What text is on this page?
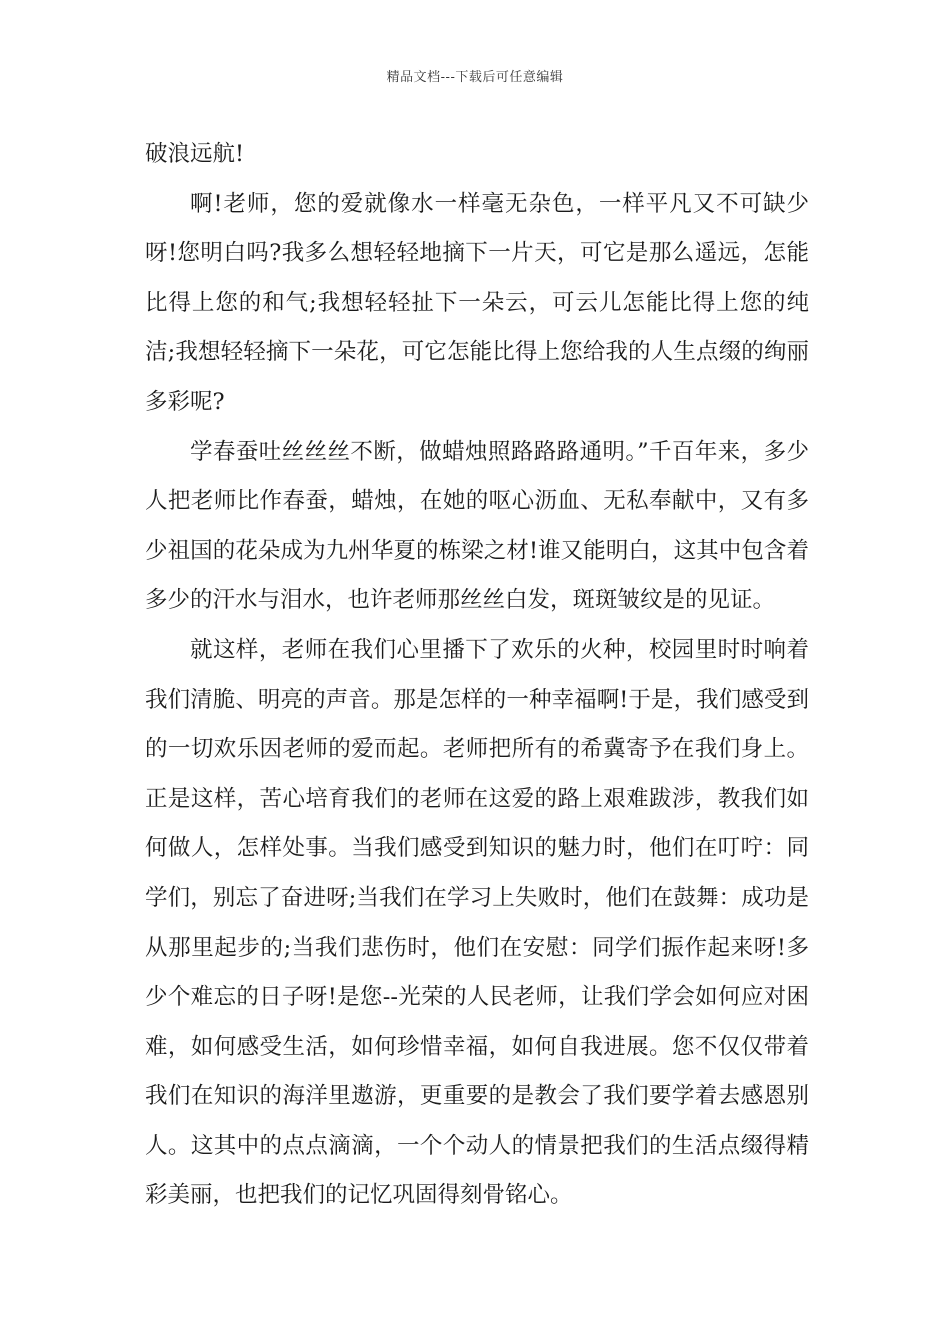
精品文档---下载后可任意编辑

破浪远航!

啊!老师，您的爱就像水一样毫无杂色，一样平凡又不可缺少呀!您明白吗?我多么想轻轻地摘下一片天，可它是那么遥远，怎能比得上您的和气;我想轻轻扯下一朵云，可云儿怎能比得上您的纯洁;我想轻轻摘下一朵花，可它怎能比得上您给我的人生点缀的绚丽多彩呢?

学春蚕吐丝丝丝不断，做蜡烛照路路路通明。”千百年来，多少人把老师比作春蚕，蜡烛，在她的呕心沥血、无私奉献中，又有多少祖国的花朵成为九州华夏的栋梁之材!谁又能明白，这其中包含着多少的汗水与泪水，也许老师那丝丝白发，斑斑皱纹是的见证。

就这样，老师在我们心里播下了欢乐的火种，校园里时时响着我们清脆、明亮的声音。那是怎样的一种幸福啊!于是，我们感受到的一切欢乐因老师的爱而起。老师把所有的希冀寄予在我们身上。正是这样，苦心培育我们的老师在这爱的路上艰难跋涉，教我们如何做人，怎样处事。当我们感受到知识的魅力时，他们在叮咛：同学们，别忘了奋进呀;当我们在学习上失败时，他们在鼓舞：成功是从那里起步的;当我们悲伤时，他们在安慰：同学们振作起来呀!多少个难忘的日子呀!是您--光荣的人民老师，让我们学会如何应对困难，如何感受生活，如何珍惜幸福，如何自我进展。您不仅仅带着我们在知识的海洋里遨游，更重要的是教会了我们要学着去感恩别人。这其中的点点滴滴，一个个动人的情景把我们的生活点缀得精彩美丽，也把我们的记忆巩固得刻骨铭心。
